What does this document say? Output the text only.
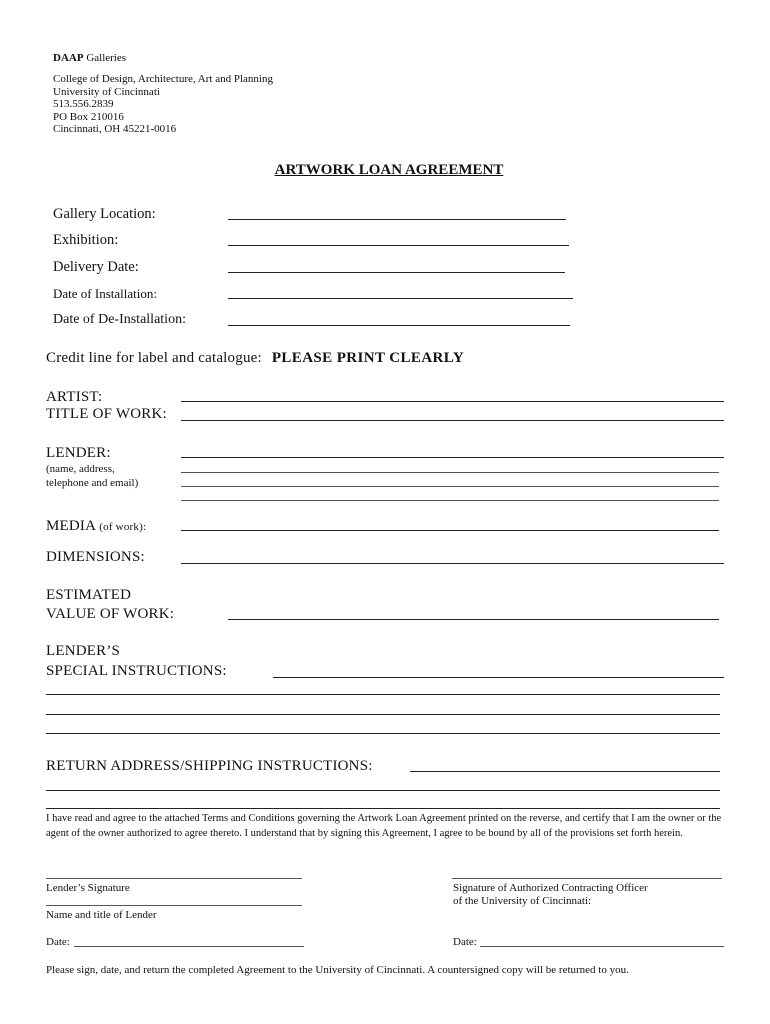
DAAP Galleries
College of Design, Architecture, Art and Planning
University of Cincinnati
513.556.2839
PO Box 210016
Cincinnati, OH 45221-0016
ARTWORK LOAN AGREEMENT
Gallery Location:
Exhibition:
Delivery Date:
Date of Installation:
Date of De-Installation:
Credit line for label and catalogue: PLEASE PRINT CLEARLY
ARTIST:
TITLE OF WORK:
LENDER:
(name, address,
telephone and email)
MEDIA (of work):
DIMENSIONS:
ESTIMATED
VALUE OF WORK:
LENDER’S
SPECIAL INSTRUCTIONS:
RETURN ADDRESS/SHIPPING INSTRUCTIONS:
I have read and agree to the attached Terms and Conditions governing the Artwork Loan Agreement printed on the reverse, and certify that I am the owner or the agent of the owner authorized to agree thereto. I understand that by signing this Agreement, I agree to be bound by all of the provisions set forth herein.
Lender’s Signature
Name and title of Lender
Date:
Signature of Authorized Contracting Officer
of the University of Cincinnati:
Date:
Please sign, date, and return the completed Agreement to the University of Cincinnati. A countersigned copy will be returned to you.
